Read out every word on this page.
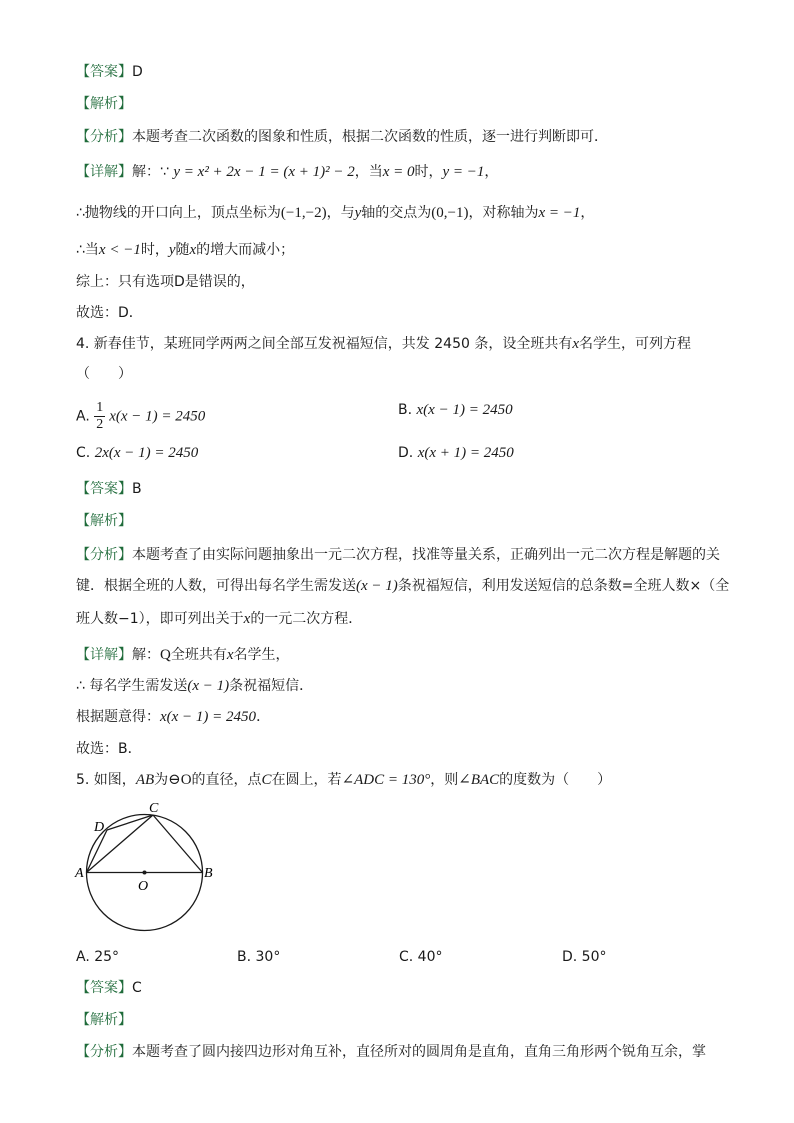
【答案】D
【解析】
【分析】本题考查二次函数的图象和性质，根据二次函数的性质，逐一进行判断即可．
【详解】解：∵ y = x² + 2x − 1 = (x + 1)² − 2，当x = 0时，y = −1，
∴抛物线的开口向上，顶点坐标为(−1,−2)，与y轴的交点为(0,−1)，对称轴为x = −1，
∴当x < −1时，y随x的增大而减小；
综上：只有选项D是错误的，
故选：D．
4. 新春佳节，某班同学两两之间全部互发祝福短信，共发 2450 条，设全班共有x名学生，可列方程
（　　）
A. $\frac{1}{2} x(x - 1) = 2450$	B. x(x − 1) = 2450
C. 2x(x − 1) = 2450	D. x(x + 1) = 2450
【答案】B
【解析】
【分析】本题考查了由实际问题抽象出一元二次方程，找准等量关系，正确列出一元二次方程是解题的关
键．根据全班的人数，可得出每名学生需发送(x − 1)条祝福短信，利用发送短信的总条数=全班人数×（全
班人数−1），即可列出关于x的一元二次方程．
【详解】解：Q全班共有x名学生，
∴ 每名学生需发送(x − 1)条祝福短信．
根据题意得：x(x − 1) = 2450．
故选：B．
5. 如图，AB为⊖O的直径，点C在圆上，若∠ADC = 130°，则∠BAC的度数为（　　）
A	B
C
D
O
A. 25°	B. 30°	C. 40°	D. 50°
【答案】C
【解析】
【分析】本题考查了圆内接四边形对角互补，直径所对的圆周角是直角，直角三角形两个锐角互余，掌
